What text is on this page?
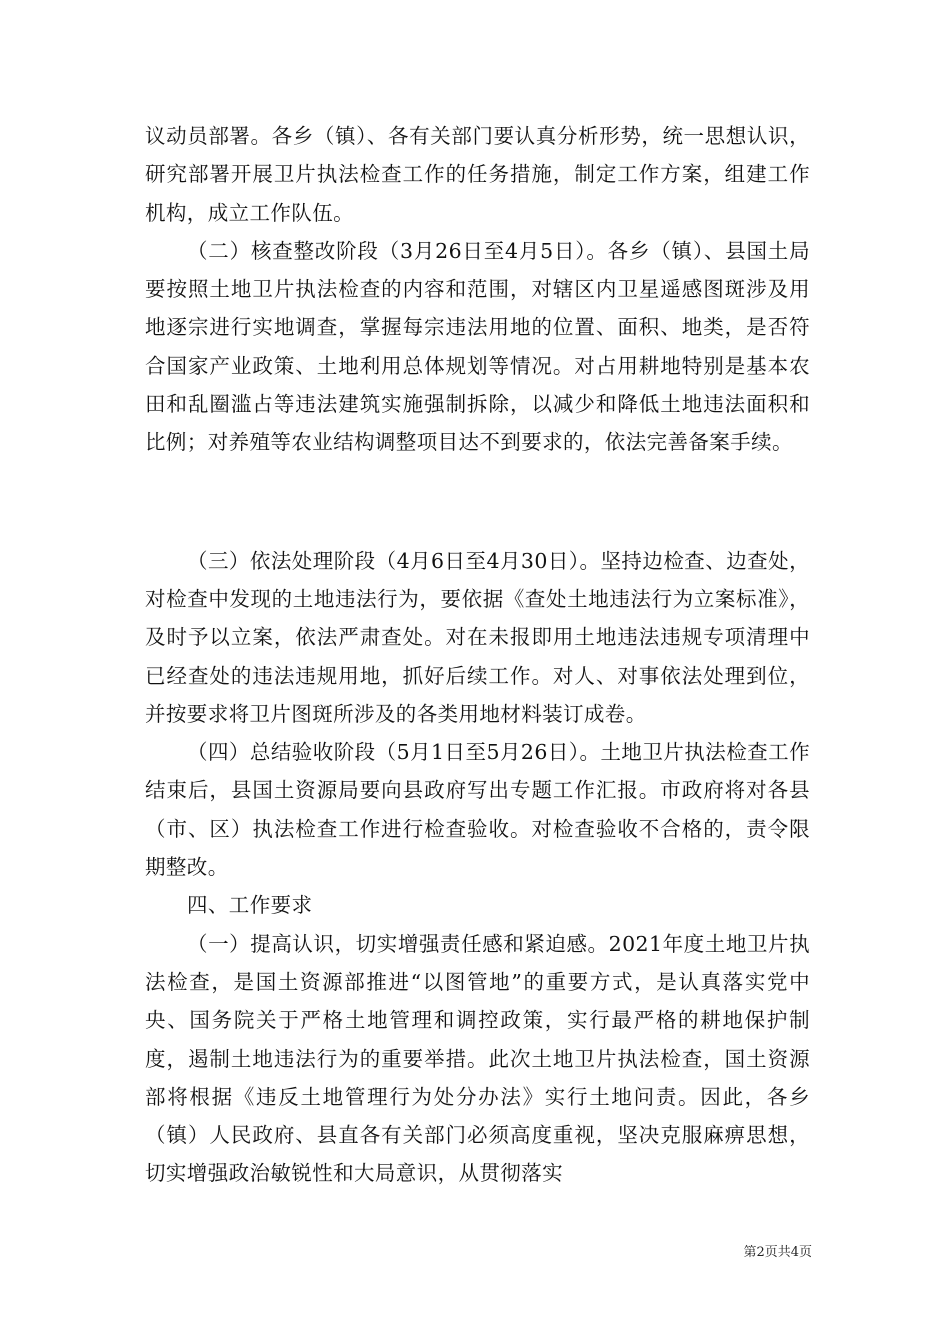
议动员部署。各乡（镇）、各有关部门要认真分析形势，统一思想认识，研究部署开展卫片执法检查工作的任务措施，制定工作方案，组建工作机构，成立工作队伍。

（二）核查整改阶段（3月26日至4月5日）。各乡（镇）、县国土局要按照土地卫片执法检查的内容和范围，对辖区内卫星遥感图斑涉及用地逐宗进行实地调查，掌握每宗违法用地的位置、面积、地类，是否符合国家产业政策、土地利用总体规划等情况。对占用耕地特别是基本农田和乱圈滥占等违法建筑实施强制拆除，以减少和降低土地违法面积和比例；对养殖等农业结构调整项目达不到要求的，依法完善备案手续。

（三）依法处理阶段（4月6日至4月30日）。坚持边检查、边查处，对检查中发现的土地违法行为，要依据《查处土地违法行为立案标准》，及时予以立案，依法严肃查处。对在未报即用土地违法违规专项清理中已经查处的违法违规用地，抓好后续工作。对人、对事依法处理到位，并按要求将卫片图斑所涉及的各类用地材料装订成卷。

（四）总结验收阶段（5月1日至5月26日）。土地卫片执法检查工作结束后，县国土资源局要向县政府写出专题工作汇报。市政府将对各县（市、区）执法检查工作进行检查验收。对检查验收不合格的，责令限期整改。

四、工作要求

（一）提高认识，切实增强责任感和紧迫感。2021年度土地卫片执法检查，是国土资源部推进“以图管地”的重要方式，是认真落实党中央、国务院关于严格土地管理和调控政策，实行最严格的耕地保护制度，遏制土地违法行为的重要举措。此次土地卫片执法检查，国土资源部将根据《违反土地管理行为处分办法》实行土地问责。因此，各乡（镇）人民政府、县直各有关部门必须高度重视，坚决克服麻痹思想，切实增强政治敏锐性和大局意识，从贯彻落实

第2页共4页
